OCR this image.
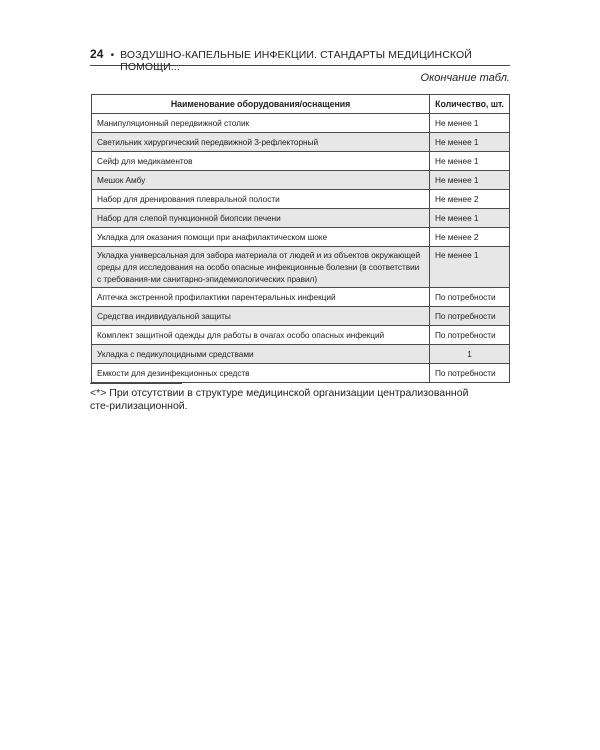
24 • ВОЗДУШНО-КАПЕЛЬНЫЕ ИНФЕКЦИИ. СТАНДАРТЫ МЕДИЦИНСКОЙ ПОМОЩИ...
Окончание табл.
Наименование оборудования/оснащения	Количество, шт.
Манипуляционный передвижной столик	Не менее 1
Светильник хирургический передвижной 3-рефлекторный	Не менее 1
Сейф для медикаментов	Не менее 1
Мешок Амбу	Не менее 1
Набор для дренирования плевральной полости	Не менее 2
Набор для слепой пункционной биопсии печени	Не менее 1
Укладка для оказания помощи при анафилактическом шоке	Не менее 2
Укладка универсальная для забора материала от людей и из объектов окружающей среды для исследования на особо опасные инфекционные болезни (в соответствии с требования-ми санитарно-эпидемиологических правил)	Не менее 1
Аптечка экстренной профилактики парентеральных инфекций	По потребности
Средства индивидуальной защиты	По потребности
Комплект защитной одежды для работы в очагах особо опасных инфекций	По потребности
Укладка с педикулоцидными средствами	1
Емкости для дезинфекционных средств	По потребности
<*> При отсутствии в структуре медицинской организации централизованной сте-рилизационной.
